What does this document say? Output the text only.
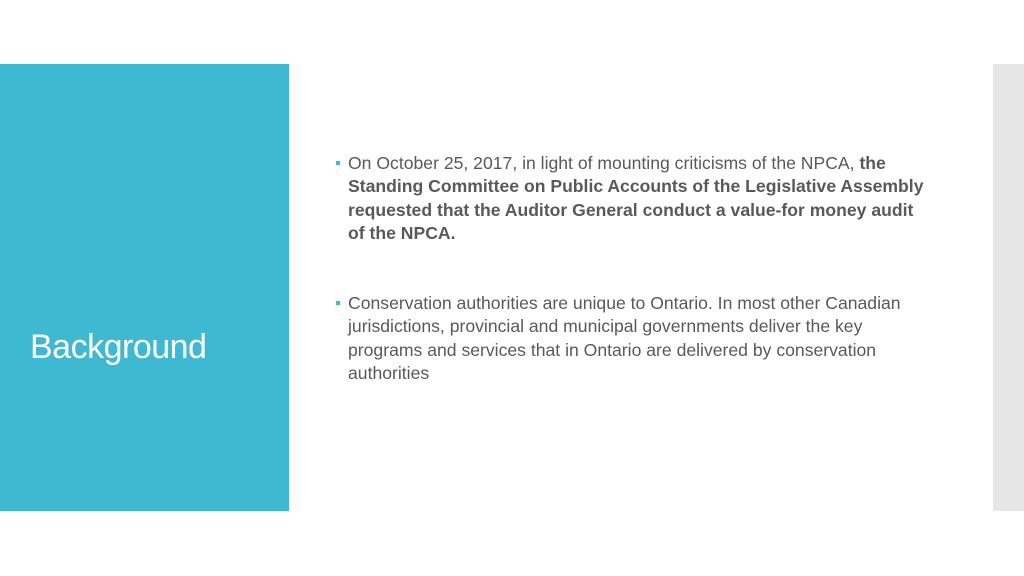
Background
On October 25, 2017, in light of mounting criticisms of the NPCA, the Standing Committee on Public Accounts of the Legislative Assembly requested that the Auditor General conduct a value-for money audit of the NPCA.
Conservation authorities are unique to Ontario. In most other Canadian jurisdictions, provincial and municipal governments deliver the key programs and services that in Ontario are delivered by conservation authorities
